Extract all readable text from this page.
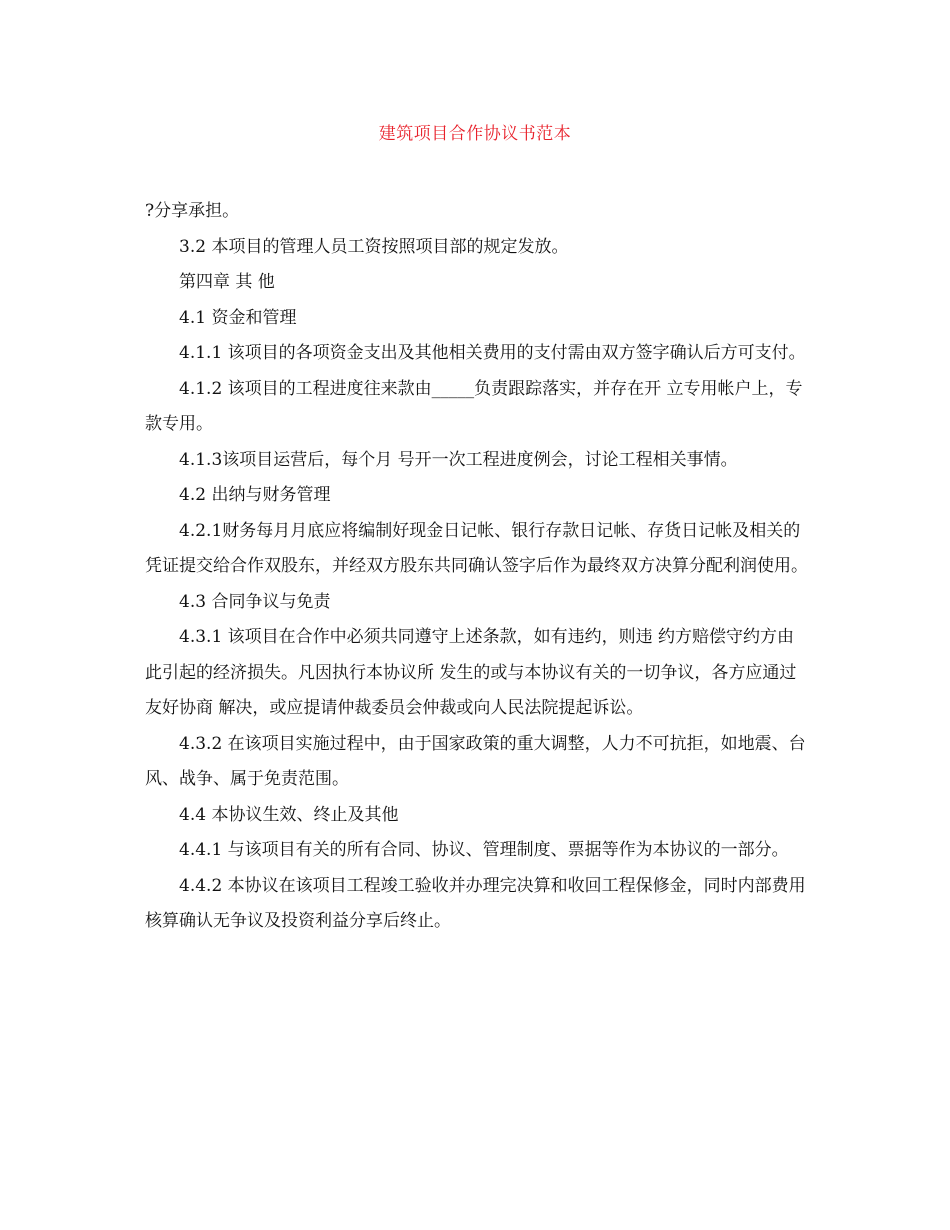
建筑项目合作协议书范本

?分享承担。

3.2 本项目的管理人员工资按照项目部的规定发放。

第四章 其 他

4.1 资金和管理

4.1.1 该项目的各项资金支出及其他相关费用的支付需由双方签字确认后方可支付。

4.1.2 该项目的工程进度往来款由_____负责跟踪落实，并存在开 立专用帐户上，专款专用。

4.1.3该项目运营后，每个月 号开一次工程进度例会，讨论工程相关事情。

4.2 出纳与财务管理

4.2.1财务每月月底应将编制好现金日记帐、银行存款日记帐、存货日记帐及相关的凭证提交给合作双股东，并经双方股东共同确认签字后作为最终双方决算分配利润使用。

4.3 合同争议与免责

4.3.1 该项目在合作中必须共同遵守上述条款，如有违约，则违 约方赔偿守约方由此引起的经济损失。凡因执行本协议所 发生的或与本协议有关的一切争议，各方应通过友好协商 解决，或应提请仲裁委员会仲裁或向人民法院提起诉讼。

4.3.2 在该项目实施过程中，由于国家政策的重大调整，人力不可抗拒，如地震、台风、战争、属于免责范围。

4.4 本协议生效、终止及其他

4.4.1 与该项目有关的所有合同、协议、管理制度、票据等作为本协议的一部分。

4.4.2 本协议在该项目工程竣工验收并办理完决算和收回工程保修金，同时内部费用核算确认无争议及投资利益分享后终止。
